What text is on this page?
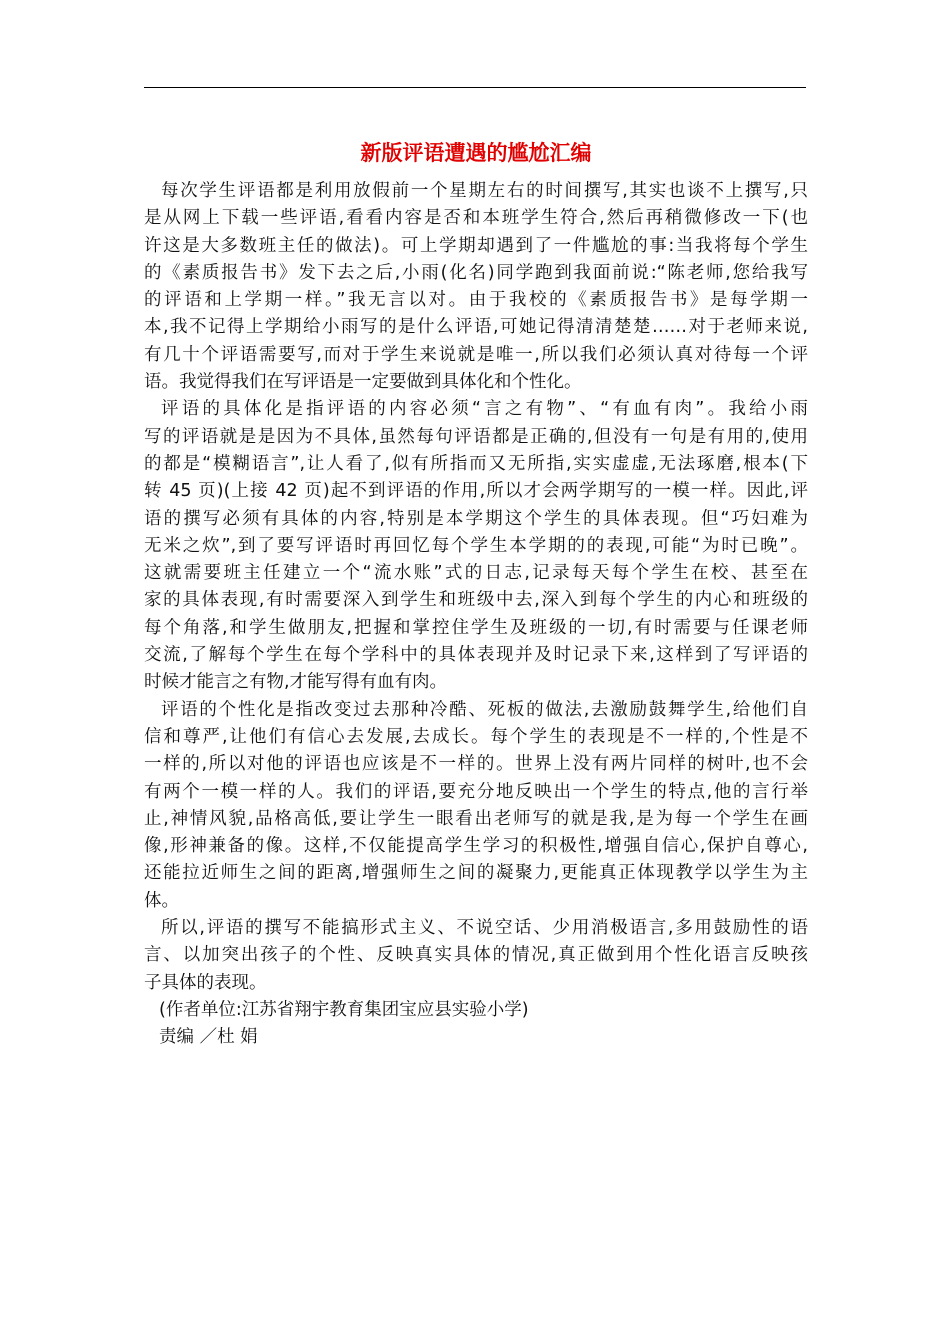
新版评语遭遇的尴尬汇编
每次学生评语都是利用放假前一个星期左右的时间撰写,其实也谈不上撰写,只
是从网上下载一些评语,看看内容是否和本班学生符合,然后再稍微修改一下(也
许这是大多数班主任的做法)。可上学期却遇到了一件尴尬的事:当我将每个学生
的《素质报告书》发下去之后,小雨(化名)同学跑到我面前说:“陈老师,您给我写
的评语和上学期一样。”我无言以对。由于我校的《素质报告书》是每学期一
本,我不记得上学期给小雨写的是什么评语,可她记得清清楚楚……对于老师来说,
有几十个评语需要写,而对于学生来说就是唯一,所以我们必须认真对待每一个评
语。我觉得我们在写评语是一定要做到具体化和个性化。
评语的具体化是指评语的内容必须“言之有物”、“有血有肉”。我给小雨
写的评语就是是因为不具体,虽然每句评语都是正确的,但没有一句是有用的,使用
的都是“模糊语言”,让人看了,似有所指而又无所指,实实虚虚,无法琢磨,根本(下
转 45 页)(上接 42 页)起不到评语的作用,所以才会两学期写的一模一样。因此,评
语的撰写必须有具体的内容,特别是本学期这个学生的具体表现。但“巧妇难为
无米之炊”,到了要写评语时再回忆每个学生本学期的的表现,可能“为时已晚”。
这就需要班主任建立一个“流水账”式的日志,记录每天每个学生在校、甚至在
家的具体表现,有时需要深入到学生和班级中去,深入到每个学生的内心和班级的
每个角落,和学生做朋友,把握和掌控住学生及班级的一切,有时需要与任课老师
交流,了解每个学生在每个学科中的具体表现并及时记录下来,这样到了写评语的
时候才能言之有物,才能写得有血有肉。
评语的个性化是指改变过去那种冷酷、死板的做法,去激励鼓舞学生,给他们自
信和尊严,让他们有信心去发展,去成长。每个学生的表现是不一样的,个性是不
一样的,所以对他的评语也应该是不一样的。世界上没有两片同样的树叶,也不会
有两个一模一样的人。我们的评语,要充分地反映出一个学生的特点,他的言行举
止,神情风貌,品格高低,要让学生一眼看出老师写的就是我,是为每一个学生在画
像,形神兼备的像。这样,不仅能提高学生学习的积极性,增强自信心,保护自尊心,
还能拉近师生之间的距离,增强师生之间的凝聚力,更能真正体现教学以学生为主
体。
所以,评语的撰写不能搞形式主义、不说空话、少用消极语言,多用鼓励性的语
言、以加突出孩子的个性、反映真实具体的情况,真正做到用个性化语言反映孩
子具体的表现。

(作者单位:江苏省翔宇教育集团宝应县实验小学)

责编 ／杜 娟
